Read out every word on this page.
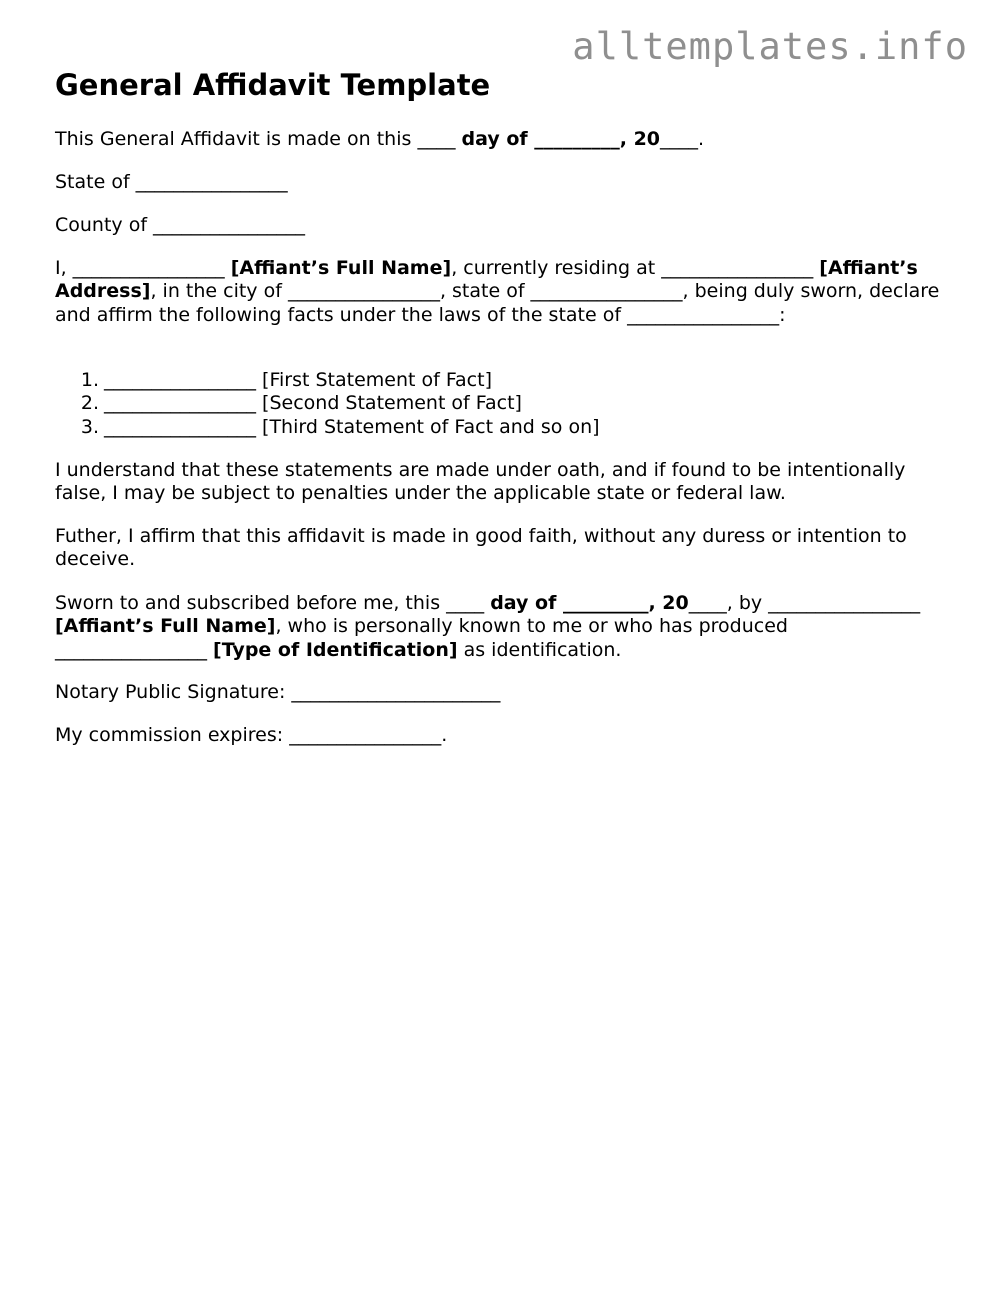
alltemplates.info
General Affidavit Template

This General Affidavit is made on this ____ day of _________, 20____.

State of ________________

County of ________________

I, ________________ [Affiant’s Full Name], currently residing at ________________ [Affiant’s Address], in the city of ________________, state of ________________, being duly sworn, declare and affirm the following facts under the laws of the state of ________________:

1. ________________ [First Statement of Fact]
2. ________________ [Second Statement of Fact]
3. ________________ [Third Statement of Fact and so on]

I understand that these statements are made under oath, and if found to be intentionally false, I may be subject to penalties under the applicable state or federal law.

Futher, I affirm that this affidavit is made in good faith, without any duress or intention to deceive.

Sworn to and subscribed before me, this ____ day of _________, 20____, by ________________ [Affiant’s Full Name], who is personally known to me or who has produced ________________ [Type of Identification] as identification.

Notary Public Signature: ______________________

My commission expires: ________________.
